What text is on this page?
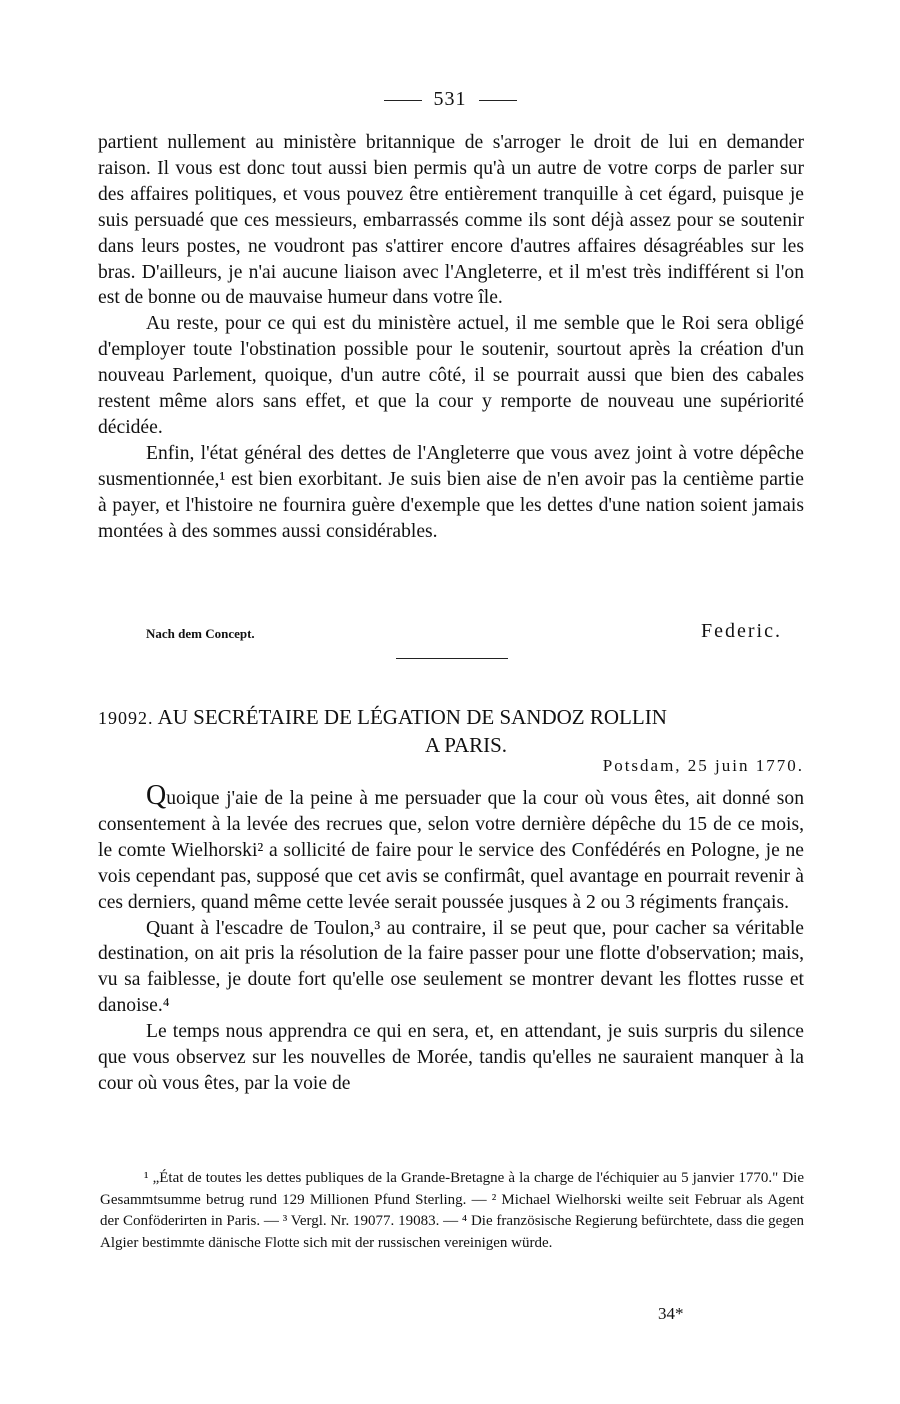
531

partient nullement au ministère britannique de s'arroger le droit de lui en demander raison. Il vous est donc tout aussi bien permis qu'à un autre de votre corps de parler sur des affaires politiques, et vous pouvez être entièrement tranquille à cet égard, puisque je suis persuadé que ces messieurs, embarrassés comme ils sont déjà assez pour se soutenir dans leurs postes, ne voudront pas s'attirer encore d'autres affaires désagréables sur les bras. D'ailleurs, je n'ai aucune liaison avec l'Angleterre, et il m'est très indifférent si l'on est de bonne ou de mauvaise humeur dans votre île.

Au reste, pour ce qui est du ministère actuel, il me semble que le Roi sera obligé d'employer toute l'obstination possible pour le soutenir, sourtout après la création d'un nouveau Parlement, quoique, d'un autre côté, il se pourrait aussi que bien des cabales restent même alors sans effet, et que la cour y remporte de nouveau une supériorité décidée.

Enfin, l'état général des dettes de l'Angleterre que vous avez joint à votre dépêche susmentionnée,¹ est bien exorbitant. Je suis bien aise de n'en avoir pas la centième partie à payer, et l'histoire ne fournira guère d'exemple que les dettes d'une nation soient jamais montées à des sommes aussi considérables.

Nach dem Concept.	Federic.
19092. AU SECRÉTAIRE DE LÉGATION DE SANDOZ ROLLIN
A PARIS.
Potsdam, 25 juin 1770.

Quoique j'aie de la peine à me persuader que la cour où vous êtes, ait donné son consentement à la levée des recrues que, selon votre dernière dépêche du 15 de ce mois, le comte Wielhorski² a sollicité de faire pour le service des Confédérés en Pologne, je ne vois cependant pas, supposé que cet avis se confirmât, quel avantage en pourrait revenir à ces derniers, quand même cette levée serait poussée jusques à 2 ou 3 régiments français.

Quant à l'escadre de Toulon,³ au contraire, il se peut que, pour cacher sa véritable destination, on ait pris la résolution de la faire passer pour une flotte d'observation; mais, vu sa faiblesse, je doute fort qu'elle ose seulement se montrer devant les flottes russe et danoise.⁴

Le temps nous apprendra ce qui en sera, et, en attendant, je suis surpris du silence que vous observez sur les nouvelles de Morée, tandis qu'elles ne sauraient manquer à la cour où vous êtes, par la voie de

¹ „État de toutes les dettes publiques de la Grande-Bretagne à la charge de l'échiquier au 5 janvier 1770." Die Gesammtsumme betrug rund 129 Millionen Pfund Sterling. — ² Michael Wielhorski weilte seit Februar als Agent der Conföderirten in Paris. — ³ Vergl. Nr. 19077. 19083. — ⁴ Die französische Regierung befürchtete, dass die gegen Algier bestimmte dänische Flotte sich mit der russischen vereinigen würde.

34*
